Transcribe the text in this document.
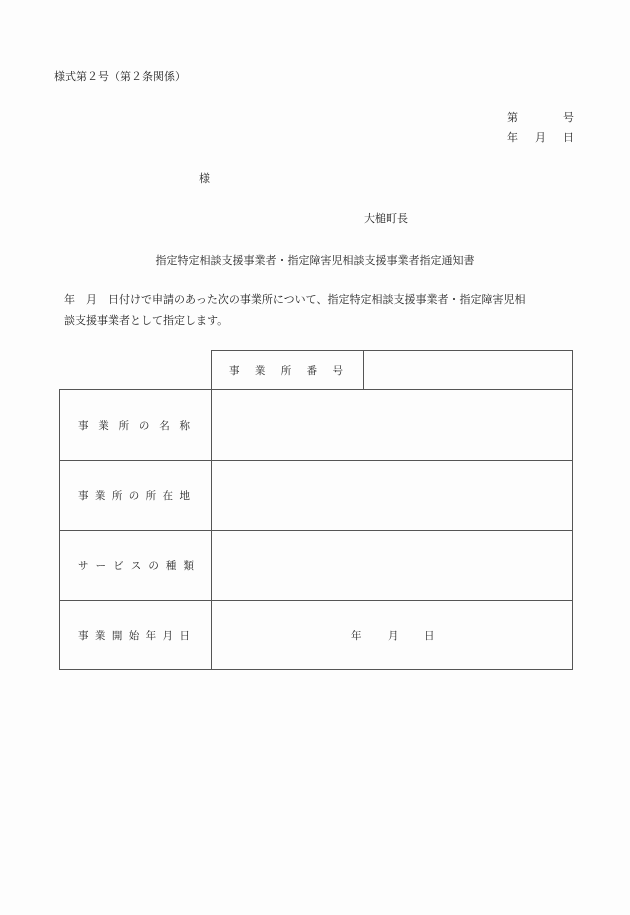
様式第２号（第２条関係）
第	号
年 月 日
様
大槌町長
指定特定相談支援事業者・指定障害児相談支援事業者指定通知書
年　月　日付けで申請のあった次の事業所について、指定特定相談支援事業者・指定障害児相
談支援事業者として指定します。
事 業 所 番 号
事 業 所 の 名 称
事 業 所 の 所 在 地
サ ー ビ ス の 種 類
事 業 開 始 年 月 日	年	月 日
